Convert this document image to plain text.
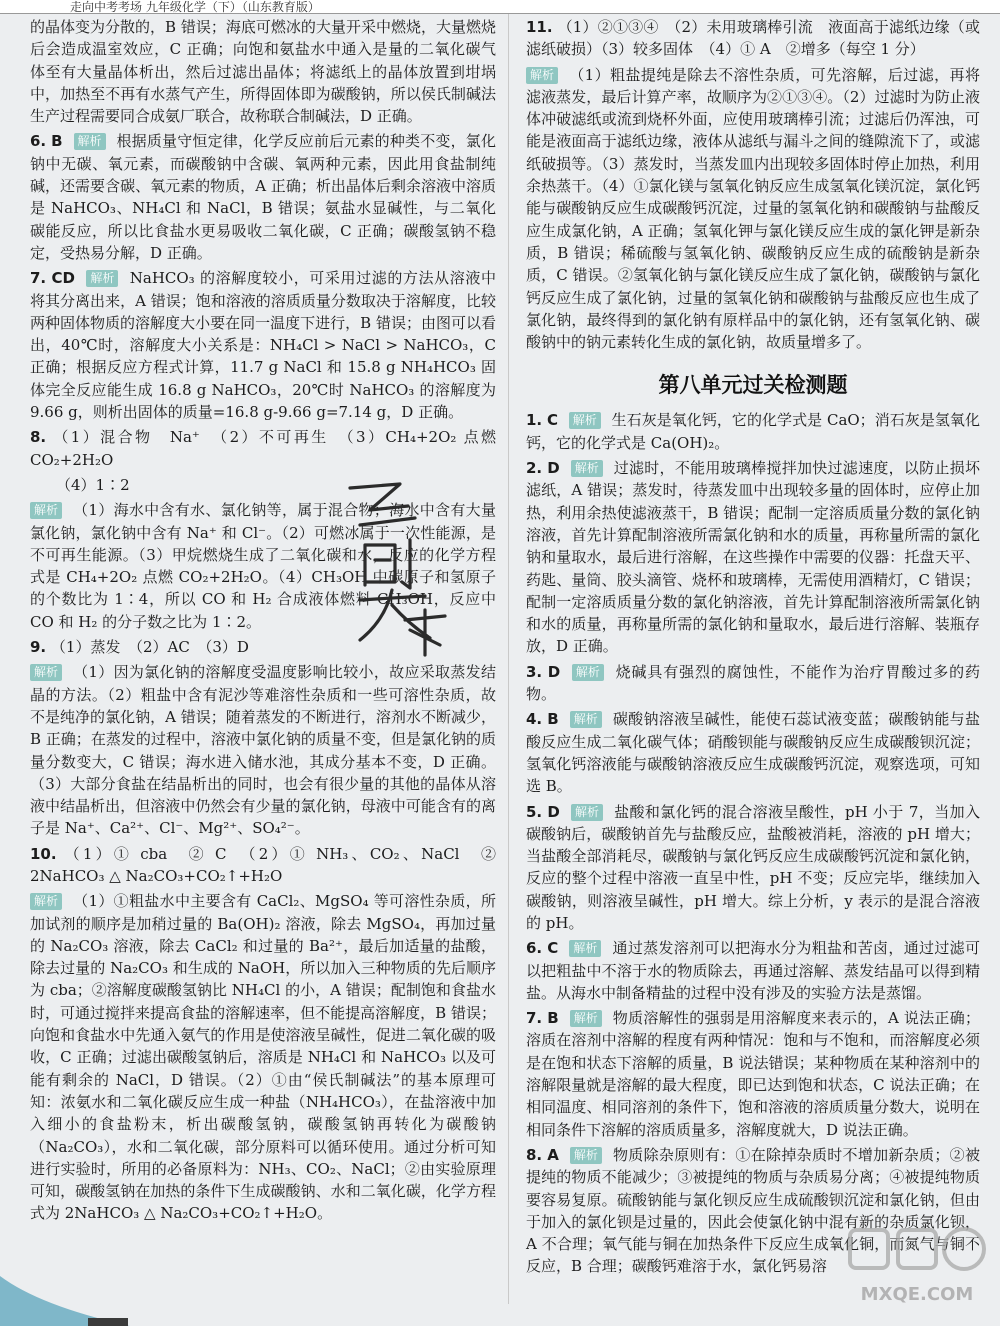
走向中考考场 九年级化学（下）（山东教育版）
的晶体变为分散的，B 错误；海底可燃冰的大量开采中燃烧，大量燃烧后会造成温室效应，C 正确；向饱和氨盐水中通入是量的二氧化碳气体至有大量晶体析出，然后过滤出晶体；将滤纸上的晶体放置到坩埚中，加热至不再有水蒸气产生，所得固体即为碳酸钠，所以侯氏制碱法生产过程需要同合成氨厂联合，故称联合制碱法，D 正确。
6. B 解析 根据质量守恒定律，化学反应前后元素的种类不变，氯化钠中无碳、氧元素，而碳酸钠中含碳、氧两种元素，因此用食盐制纯碱，还需要含碳、氧元素的物质，A 正确；析出晶体后剩余溶液中溶质是 NaHCO₃、NH₄Cl 和 NaCl，B 错误；氨盐水显碱性，与二氧化碳能反应，所以比食盐水更易吸收二氧化碳，C 正确；碳酸氢钠不稳定，受热易分解，D 正确。
7. CD 解析 NaHCO₃ 的溶解度较小，可采用过滤的方法从溶液中将其分离出来，A 错误；饱和溶液的溶质质量分数取决于溶解度，比较两种固体物质的溶解度大小要在同一温度下进行，B 错误；由图可以看出，40℃时，溶解度大小关系是：NH₄Cl > NaCl > NaHCO₃，C 正确；根据反应方程式计算，11.7 g NaCl 和 15.8 g NH₄HCO₃ 固体完全反应能生成 16.8 g NaHCO₃，20℃时 NaHCO₃ 的溶解度为 9.66 g，则析出固体的质量=16.8 g-9.66 g=7.14 g，D 正确。
8. （1）混合物　Na⁺　（2）不可再生　（3）CH₄+2O₂ 点燃 CO₂+2H₂O
（4）1∶2
解析 （1）海水中含有水、氯化钠等，属于混合物；海水中含有大量氯化钠，氯化钠中含有 Na⁺ 和 Cl⁻。（2）可燃冰属于一次性能源，是不可再生能源。（3）甲烷燃烧生成了二氧化碳和水，反应的化学方程式是 CH₄+2O₂ 点燃 CO₂+2H₂O。（4）CH₃OH 中碳原子和氢原子的个数比为 1∶4，所以 CO 和 H₂ 合成液体燃料 CH₃OH，反应中 CO 和 H₂ 的分子数之比为 1∶2。
9. （1）蒸发　（2）AC　（3）D
解析 （1）因为氯化钠的溶解度受温度影响比较小，故应采取蒸发结晶的方法。（2）粗盐中含有泥沙等难溶性杂质和一些可溶性杂质，故不是纯净的氯化钠，A 错误；随着蒸发的不断进行，溶剂水不断减少，B 正确；在蒸发的过程中，溶液中氯化钠的质量不变，但是氯化钠的质量分数变大，C 错误；海水进入储水池，其成分基本不变，D 正确。（3）大部分食盐在结晶析出的同时，也会有很少量的其他的晶体从溶液中结晶析出，但溶液中仍然会有少量的氯化钠，母液中可能含有的离子是 Na⁺、Ca²⁺、Cl⁻、Mg²⁺、SO₄²⁻。
10. （1）① cba　② C　（2）① NH₃、CO₂、NaCl　② 2NaHCO₃ △ Na₂CO₃+CO₂↑+H₂O
解析 （1）①粗盐水中主要含有 CaCl₂、MgSO₄ 等可溶性杂质，所加试剂的顺序是加稍过量的 Ba(OH)₂ 溶液，除去 MgSO₄，再加过量的 Na₂CO₃ 溶液，除去 CaCl₂ 和过量的 Ba²⁺，最后加适量的盐酸，除去过量的 Na₂CO₃ 和生成的 NaOH，所以加入三种物质的先后顺序为 cba；②溶解度碳酸氢钠比 NH₄Cl 的小，A 错误；配制饱和食盐水时，可通过搅拌来提高食盐的溶解速率，但不能提高溶解度，B 错误；向饱和食盐水中先通入氨气的作用是使溶液呈碱性，促进二氧化碳的吸收，C 正确；过滤出碳酸氢钠后，溶质是 NH₄Cl 和 NaHCO₃ 以及可能有剩余的 NaCl，D 错误。（2）①由“侯氏制碱法”的基本原理可知：浓氨水和二氧化碳反应生成一种盐（NH₄HCO₃），在盐溶液中加入细小的食盐粉末，析出碳酸氢钠，碳酸氢钠再转化为碳酸钠（Na₂CO₃），水和二氧化碳，部分原料可以循环使用。通过分析可知进行实验时，所用的必备原料为：NH₃、CO₂、NaCl；②由实验原理可知，碳酸氢钠在加热的条件下生成碳酸钠、水和二氧化碳，化学方程式为 2NaHCO₃ △ Na₂CO₃+CO₂↑+H₂O。
11. （1）②①③④　（2）未用玻璃棒引流　液面高于滤纸边缘（或滤纸破损）（3）较多固体　（4）① A　②增多（每空 1 分）
解析 （1）粗盐提纯是除去不溶性杂质，可先溶解，后过滤，再将滤液蒸发，最后计算产率，故顺序为②①③④。（2）过滤时为防止液体冲破滤纸或流到烧杯外面，应使用玻璃棒引流；过滤后仍浑浊，可能是液面高于滤纸边缘，液体从滤纸与漏斗之间的缝隙流下了，或滤纸破损等。（3）蒸发时，当蒸发皿内出现较多固体时停止加热，利用余热蒸干。（4）①氯化镁与氢氧化钠反应生成氢氧化镁沉淀，氯化钙能与碳酸钠反应生成碳酸钙沉淀，过量的氢氧化钠和碳酸钠与盐酸反应生成氯化钠，A 正确；氢氧化钾与氯化镁反应生成的氯化钾是新杂质，B 错误；稀硫酸与氢氧化钠、碳酸钠反应生成的硫酸钠是新杂质，C 错误。②氢氧化钠与氯化镁反应生成了氯化钠，碳酸钠与氯化钙反应生成了氯化钠，过量的氢氧化钠和碳酸钠与盐酸反应也生成了氯化钠，最终得到的氯化钠有原样品中的氯化钠，还有氢氧化钠、碳酸钠中的钠元素转化生成的氯化钠，故质量增多了。
第八单元过关检测题
1. C 解析 生石灰是氧化钙，它的化学式是 CaO；消石灰是氢氧化钙，它的化学式是 Ca(OH)₂。
2. D 解析 过滤时，不能用玻璃棒搅拌加快过滤速度，以防止损坏滤纸，A 错误；蒸发时，待蒸发皿中出现较多量的固体时，应停止加热，利用余热使滤液蒸干，B 错误；配制一定溶质质量分数的氯化钠溶液，首先计算配制溶液所需氯化钠和水的质量，再称量所需的氯化钠和量取水，最后进行溶解，在这些操作中需要的仪器：托盘天平、药匙、量筒、胶头滴管、烧杯和玻璃棒，无需使用酒精灯，C 错误；配制一定溶质质量分数的氯化钠溶液，首先计算配制溶液所需氯化钠和水的质量，再称量所需的氯化钠和量取水，最后进行溶解、装瓶存放，D 正确。
3. D 解析 烧碱具有强烈的腐蚀性，不能作为治疗胃酸过多的药物。
4. B 解析 碳酸钠溶液呈碱性，能使石蕊试液变蓝；碳酸钠能与盐酸反应生成二氧化碳气体；硝酸钡能与碳酸钠反应生成碳酸钡沉淀；氢氧化钙溶液能与碳酸钠溶液反应生成碳酸钙沉淀，观察选项，可知选 B。
5. D 解析 盐酸和氯化钙的混合溶液呈酸性，pH 小于 7，当加入碳酸钠后，碳酸钠首先与盐酸反应，盐酸被消耗，溶液的 pH 增大；当盐酸全部消耗尽，碳酸钠与氯化钙反应生成碳酸钙沉淀和氯化钠，反应的整个过程中溶液一直呈中性，pH 不变；反应完毕，继续加入碳酸钠，则溶液呈碱性，pH 增大。综上分析，y 表示的是混合溶液的 pH。
6. C 解析 通过蒸发溶剂可以把海水分为粗盐和苦卤，通过过滤可以把粗盐中不溶于水的物质除去，再通过溶解、蒸发结晶可以得到精盐。从海水中制备精盐的过程中没有涉及的实验方法是蒸馏。
7. B 解析 物质溶解性的强弱是用溶解度来表示的，A 说法正确；溶质在溶剂中溶解的程度有两种情况：饱和与不饱和，而溶解度必须是在饱和状态下溶解的质量，B 说法错误；某种物质在某种溶剂中的溶解限量就是溶解的最大程度，即已达到饱和状态，C 说法正确；在相同温度、相同溶剂的条件下，饱和溶液的溶质质量分数大，说明在相同条件下溶解的溶质质量多，溶解度就大，D 说法正确。
8. A 解析 物质除杂原则有：①在除掉杂质时不增加新杂质；②被提纯的物质不能减少；③被提纯的物质与杂质易分离；④被提纯物质要容易复原。硫酸钠能与氯化钡反应生成硫酸钡沉淀和氯化钠，但由于加入的氯化钡是过量的，因此会使氯化钠中混有新的杂质氯化钡，A 不合理；氧气能与铜在加热条件下反应生成氧化铜，而氮气与铜不反应，B 合理；碳酸钙难溶于水，氯化钙易溶
MXQE.COM
